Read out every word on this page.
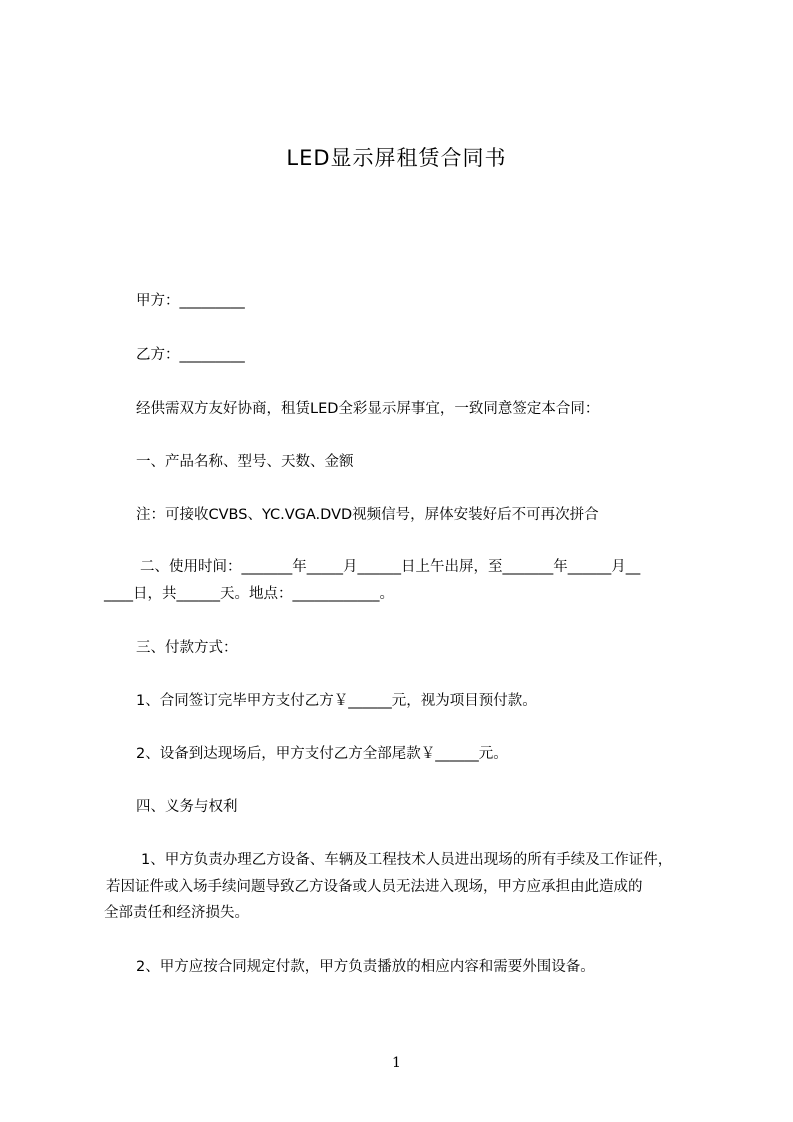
LED显示屏租赁合同书
甲方：_________
乙方：_________
经供需双方友好协商，租赁LED全彩显示屏事宜，一致同意签定本合同：
一、产品名称、型号、天数、金额
注：可接收CVBS、YC.VGA.DVD视频信号，屏体安装好后不可再次拼合
二、使用时间：_______年_____月______日上午出屏，至_______年______月__
____日，共______天。地点：____________。
三、付款方式：
1、合同签订完毕甲方支付乙方￥______元，视为项目预付款。
2、设备到达现场后，甲方支付乙方全部尾款￥______元。
四、义务与权利
1、甲方负责办理乙方设备、车辆及工程技术人员进出现场的所有手续及工作证件，
若因证件或入场手续问题导致乙方设备或人员无法进入现场，甲方应承担由此造成的
全部责任和经济损失。
2、甲方应按合同规定付款，甲方负责播放的相应内容和需要外围设备。
1
